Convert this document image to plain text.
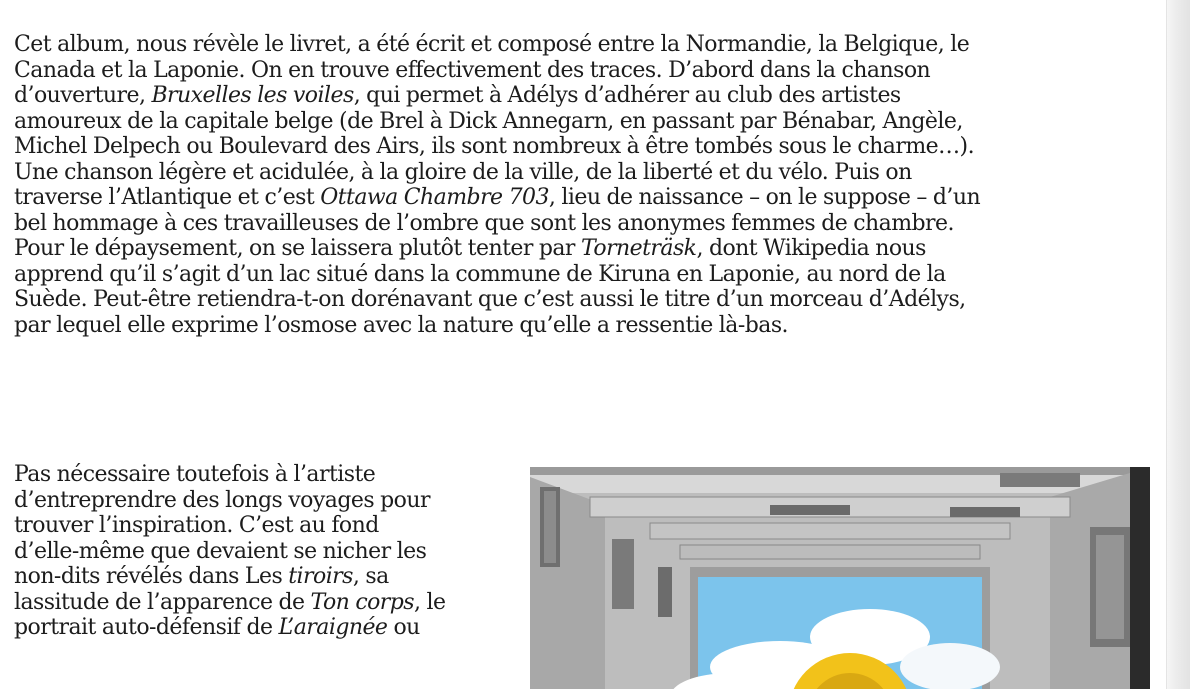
Cet album, nous révèle le livret, a été écrit et composé entre la Normandie, la Belgique, le
Canada et la Laponie. On en trouve effectivement des traces. D’abord dans la chanson
d’ouverture, Bruxelles les voiles, qui permet à Adélys d’adhérer au club des artistes
amoureux de la capitale belge (de Brel à Dick Annegarn, en passant par Bénabar, Angèle,
Michel Delpech ou Boulevard des Airs, ils sont nombreux à être tombés sous le charme…).
Une chanson légère et acidulée, à la gloire de la ville, de la liberté et du vélo. Puis on
traverse l’Atlantique et c’est Ottawa Chambre 703, lieu de naissance – on le suppose – d’un
bel hommage à ces travailleuses de l’ombre que sont les anonymes femmes de chambre.
Pour le dépaysement, on se laissera plutôt tenter par Torneträsk, dont Wikipedia nous
apprend qu’il s’agit d’un lac situé dans la commune de Kiruna en Laponie, au nord de la
Suède. Peut-être retiendra-t-on dorénavant que c’est aussi le titre d’un morceau d’Adélys,
par lequel elle exprime l’osmose avec la nature qu’elle a ressentie là-bas.

Pas nécessaire toutefois à l’artiste
d’entreprendre des longs voyages pour
trouver l’inspiration. C’est au fond
d’elle-même que devaient se nicher les
non-dits révélés dans Les tiroirs, sa
lassitude de l’apparence de Ton corps, le
portrait auto-défensif de L’araignée ou
